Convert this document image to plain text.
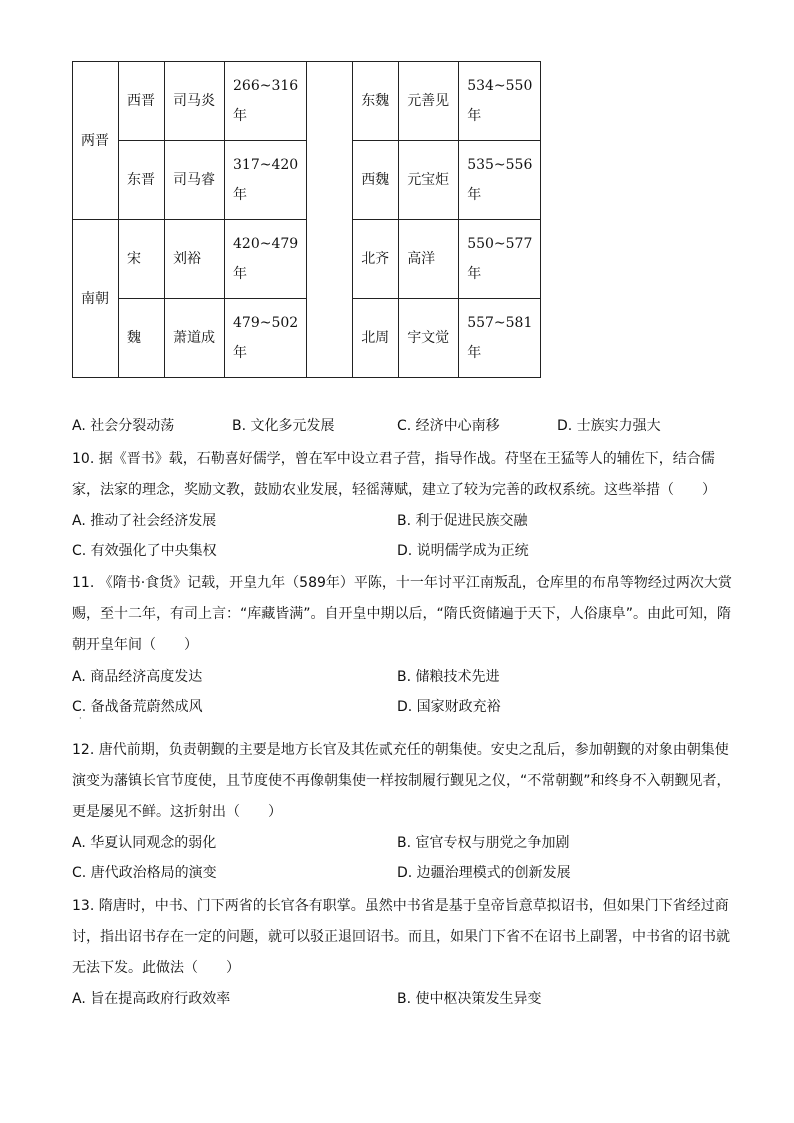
两晋	西晋	司马炎	266~316年		东魏	元善见	534~550年
	东晋	司马睿	317~420年		西魏	元宝炬	535~556年
南朝	宋	刘裕	420~479年		北齐	高洋	550~577年
	魏	萧道成	479~502年		北周	宇文觉	557~581年
A. 社会分裂动荡	B. 文化多元发展	C. 经济中心南移	D. 士族实力强大

10. 据《晋书》载，石勒喜好儒学，曾在军中设立君子营，指导作战。苻坚在王猛等人的辅佐下，结合儒家，法家的理念，奖励文教，鼓励农业发展，轻徭薄赋，建立了较为完善的政权系统。这些举措（　　）

A. 推动了社会经济发展	B. 利于促进民族交融
C. 有效强化了中央集权	D. 说明儒学成为正统

11. 《隋书·食货》记载，开皇九年（589年）平陈，十一年讨平江南叛乱，仓库里的布帛等物经过两次大赏赐，至十二年，有司上言：“库藏皆满”。自开皇中期以后，“隋氏资储遍于天下，人俗康阜”。由此可知，隋朝开皇年间（　　）

A. 商品经济高度发达	B. 储粮技术先进
C. 备战备荒蔚然成风	D. 国家财政充裕
·

12. 唐代前期，负责朝觐的主要是地方长官及其佐贰充任的朝集使。安史之乱后，参加朝觐的对象由朝集使演变为藩镇长官节度使，且节度使不再像朝集使一样按制履行觐见之仪，“不常朝觐”和终身不入朝觐见者，更是屡见不鲜。这折射出（　　）

A. 华夏认同观念的弱化	B. 宦官专权与朋党之争加剧
C. 唐代政治格局的演变	D. 边疆治理模式的创新发展

13. 隋唐时，中书、门下两省的长官各有职掌。虽然中书省是基于皇帝旨意草拟诏书，但如果门下省经过商讨，指出诏书存在一定的问题，就可以驳正退回诏书。而且，如果门下省不在诏书上副署，中书省的诏书就无法下发。此做法（　　）

A. 旨在提高政府行政效率	B. 使中枢决策发生异变
